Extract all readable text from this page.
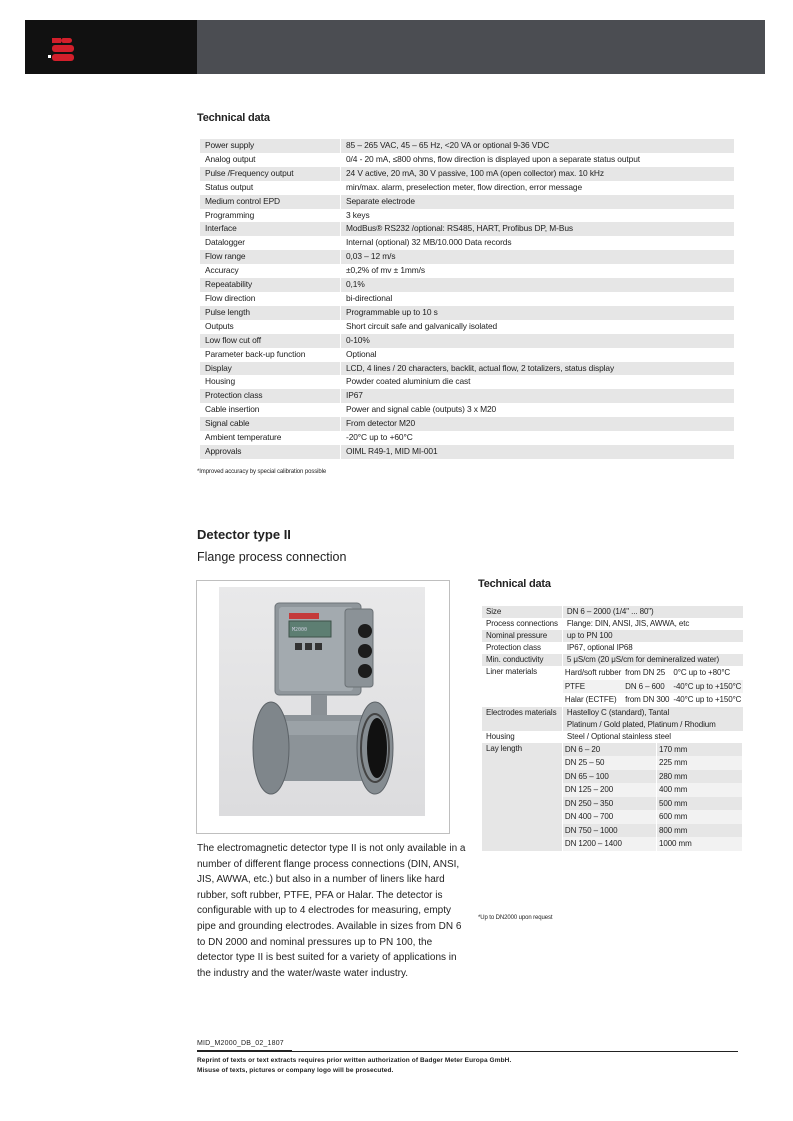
Technical data
Power supply	85 – 265 VAC, 45 – 65 Hz, <20 VA or optional 9-36 VDC
Analog output	0/4 - 20 mA, ≤800 ohms, flow direction is displayed upon a separate status output
Pulse /Frequency output	24 V active, 20 mA, 30 V passive, 100 mA (open collector) max. 10 kHz
Status output	min/max. alarm, preselection meter, flow direction, error message
Medium control EPD	Separate electrode
Programming	3 keys
Interface	ModBus® RS232 /optional: RS485, HART, Profibus DP, M-Bus
Datalogger	Internal (optional) 32 MB/10.000 Data records
Flow range	0,03 – 12 m/s
Accuracy	±0,2% of mv ± 1mm/s
Repeatability	0,1%
Flow direction	bi-directional
Pulse length	Programmable up to 10 s
Outputs	Short circuit safe and galvanically isolated
Low flow cut off	0-10%
Parameter back-up function	Optional
Display	LCD, 4 lines / 20 characters, backlit, actual flow, 2 totalizers, status display
Housing	Powder coated aluminium die cast
Protection class	IP67
Cable insertion	Power and signal cable (outputs) 3 x M20
Signal cable	From detector M20
Ambient temperature	-20°C up to +60°C
Approvals	OIML R49-1, MID MI-001
*Improved accuracy by special calibration possible
Detector type II
Flange process connection
M2000

The electromagnetic detector type II is not only available in a number of different flange process connections (DIN, ANSI, JIS, AWWA, etc.) but also in a number of liners like hard rubber, soft rubber, PTFE, PFA or Halar. The detector is configurable with up to 4 electrodes for measuring, empty pipe and grounding electrodes. Available in sizes from DN 6 to DN 2000 and nominal pressures up to PN 100, the detector type II is best suited for a variety of applications in the industry and the water/waste water industry.

Technical data
Size	DN 6 – 2000 (1/4" ... 80")
Process connections	Flange: DIN, ANSI, JIS, AWWA, etc
Nominal pressure	up to PN 100
Protection class	IP67, optional IP68
Min. conductivity	5 μS/cm (20 μS/cm for demineralized water)
Liner materials		Hard/soft rubber	from DN 25	0°C up to +80°C
PTFE	DN 6 – 600	-40°C up to +150°C
Halar (ECTFE)	from DN 300	-40°C up to +150°C

Electrodes materials	Hastelloy C (standard), Tantal
Platinum / Gold plated, Platinum / Rhodium

Housing	Steel / Optional stainless steel
Lay length		DN 6 – 20	170 mm
DN 25 – 50	225 mm
DN 65 – 100	280 mm
DN 125 – 200	400 mm
DN 250 – 350	500 mm
DN 400 – 700	600 mm
DN 750 – 1000	800 mm
DN 1200 – 1400	1000 mm
*Up to DN2000 upon request
MID_M2000_DB_02_1807
Reprint of texts or text extracts requires prior written authorization of Badger Meter Europa GmbH.
Misuse of texts, pictures or company logo will be prosecuted.
